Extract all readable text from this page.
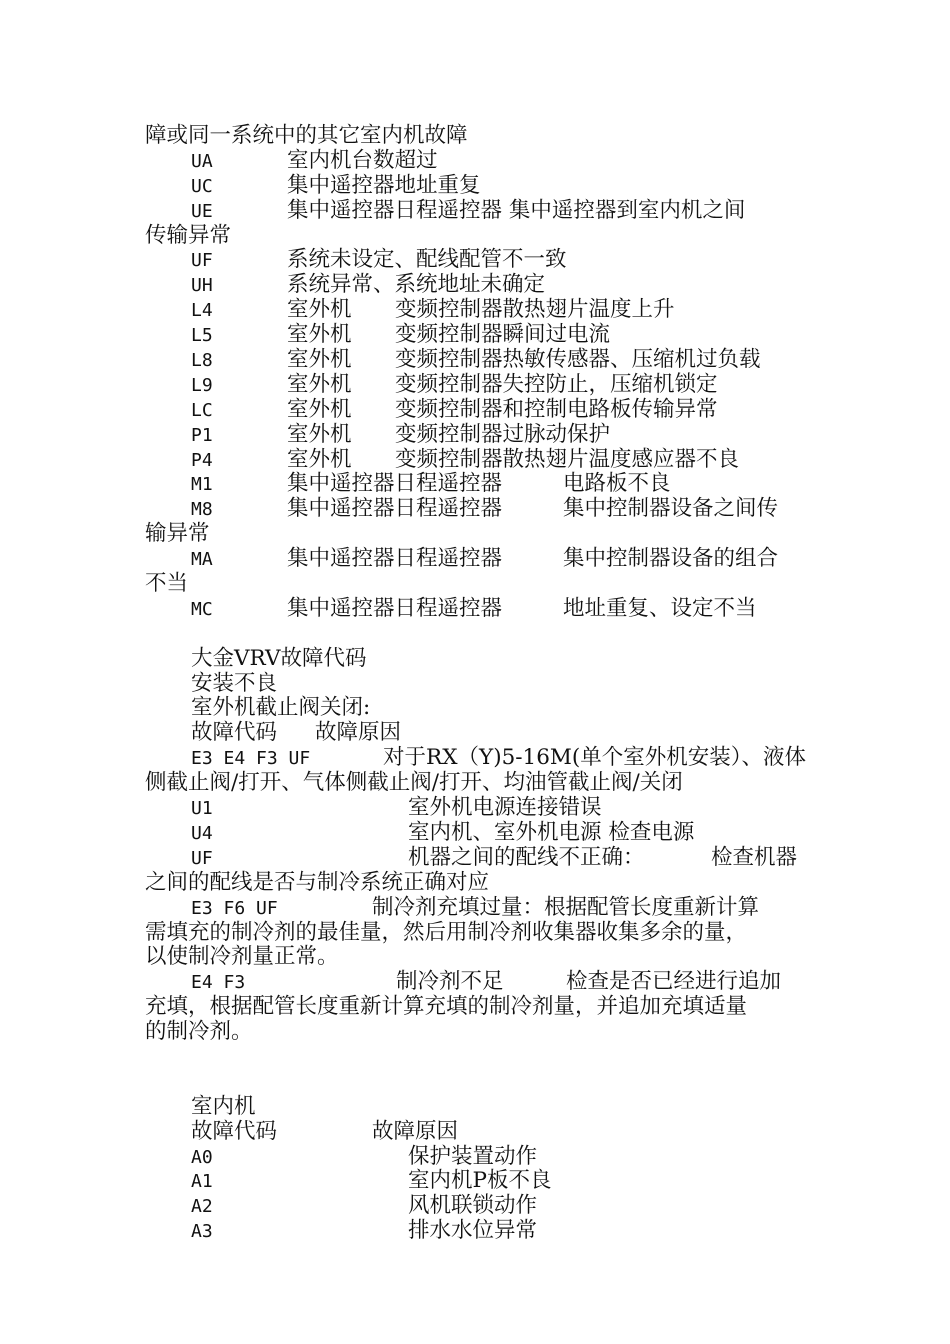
障或同一系统中的其它室内机故障
UA	室内机台数超过
UC	集中遥控器地址重复
UE	集中遥控器日程遥控器 集中遥控器到室内机之间
传输异常
UF	系统未设定、配线配管不一致
UH	系统异常、系统地址未确定
L4	室外机 变频控制器散热翅片温度上升
L5	室外机 变频控制器瞬间过电流
L8	室外机 变频控制器热敏传感器、压缩机过负载
L9	室外机 变频控制器失控防止，压缩机锁定
LC	室外机 变频控制器和控制电路板传输异常
P1	室外机 变频控制器过脉动保护
P4	室外机 变频控制器散热翅片温度感应器不良
M1	集中遥控器日程遥控器	电路板不良
M8	集中遥控器日程遥控器	集中控制器设备之间传
输异常
MA	集中遥控器日程遥控器	集中控制器设备的组合
不当
MC	集中遥控器日程遥控器	地址重复、设定不当
大金VRV故障代码
安装不良
室外机截止阀关闭:
故障代码 故障原因
E3 E4 F3 UF	对于RX（Y)5-16M(单个室外机安装）、液体
侧截止阀/打开、气体侧截止阀/打开、均油管截止阀/关闭
U1	室外机电源连接错误
U4	室内机、室外机电源 检查电源
UF	机器之间的配线不正确：	检查机器
之间的配线是否与制冷系统正确对应
E3 F6 UF	制冷剂充填过量：根据配管长度重新计算
需填充的制冷剂的最佳量，然后用制冷剂收集器收集多余的量，
以使制冷剂量正常。
E4 F3	制冷剂不足	检查是否已经进行追加
充填，根据配管长度重新计算充填的制冷剂量，并追加充填适量
的制冷剂。
室内机
故障代码	故障原因
A0	保护装置动作
A1	室内机P板不良
A2	风机联锁动作
A3	排水水位异常
